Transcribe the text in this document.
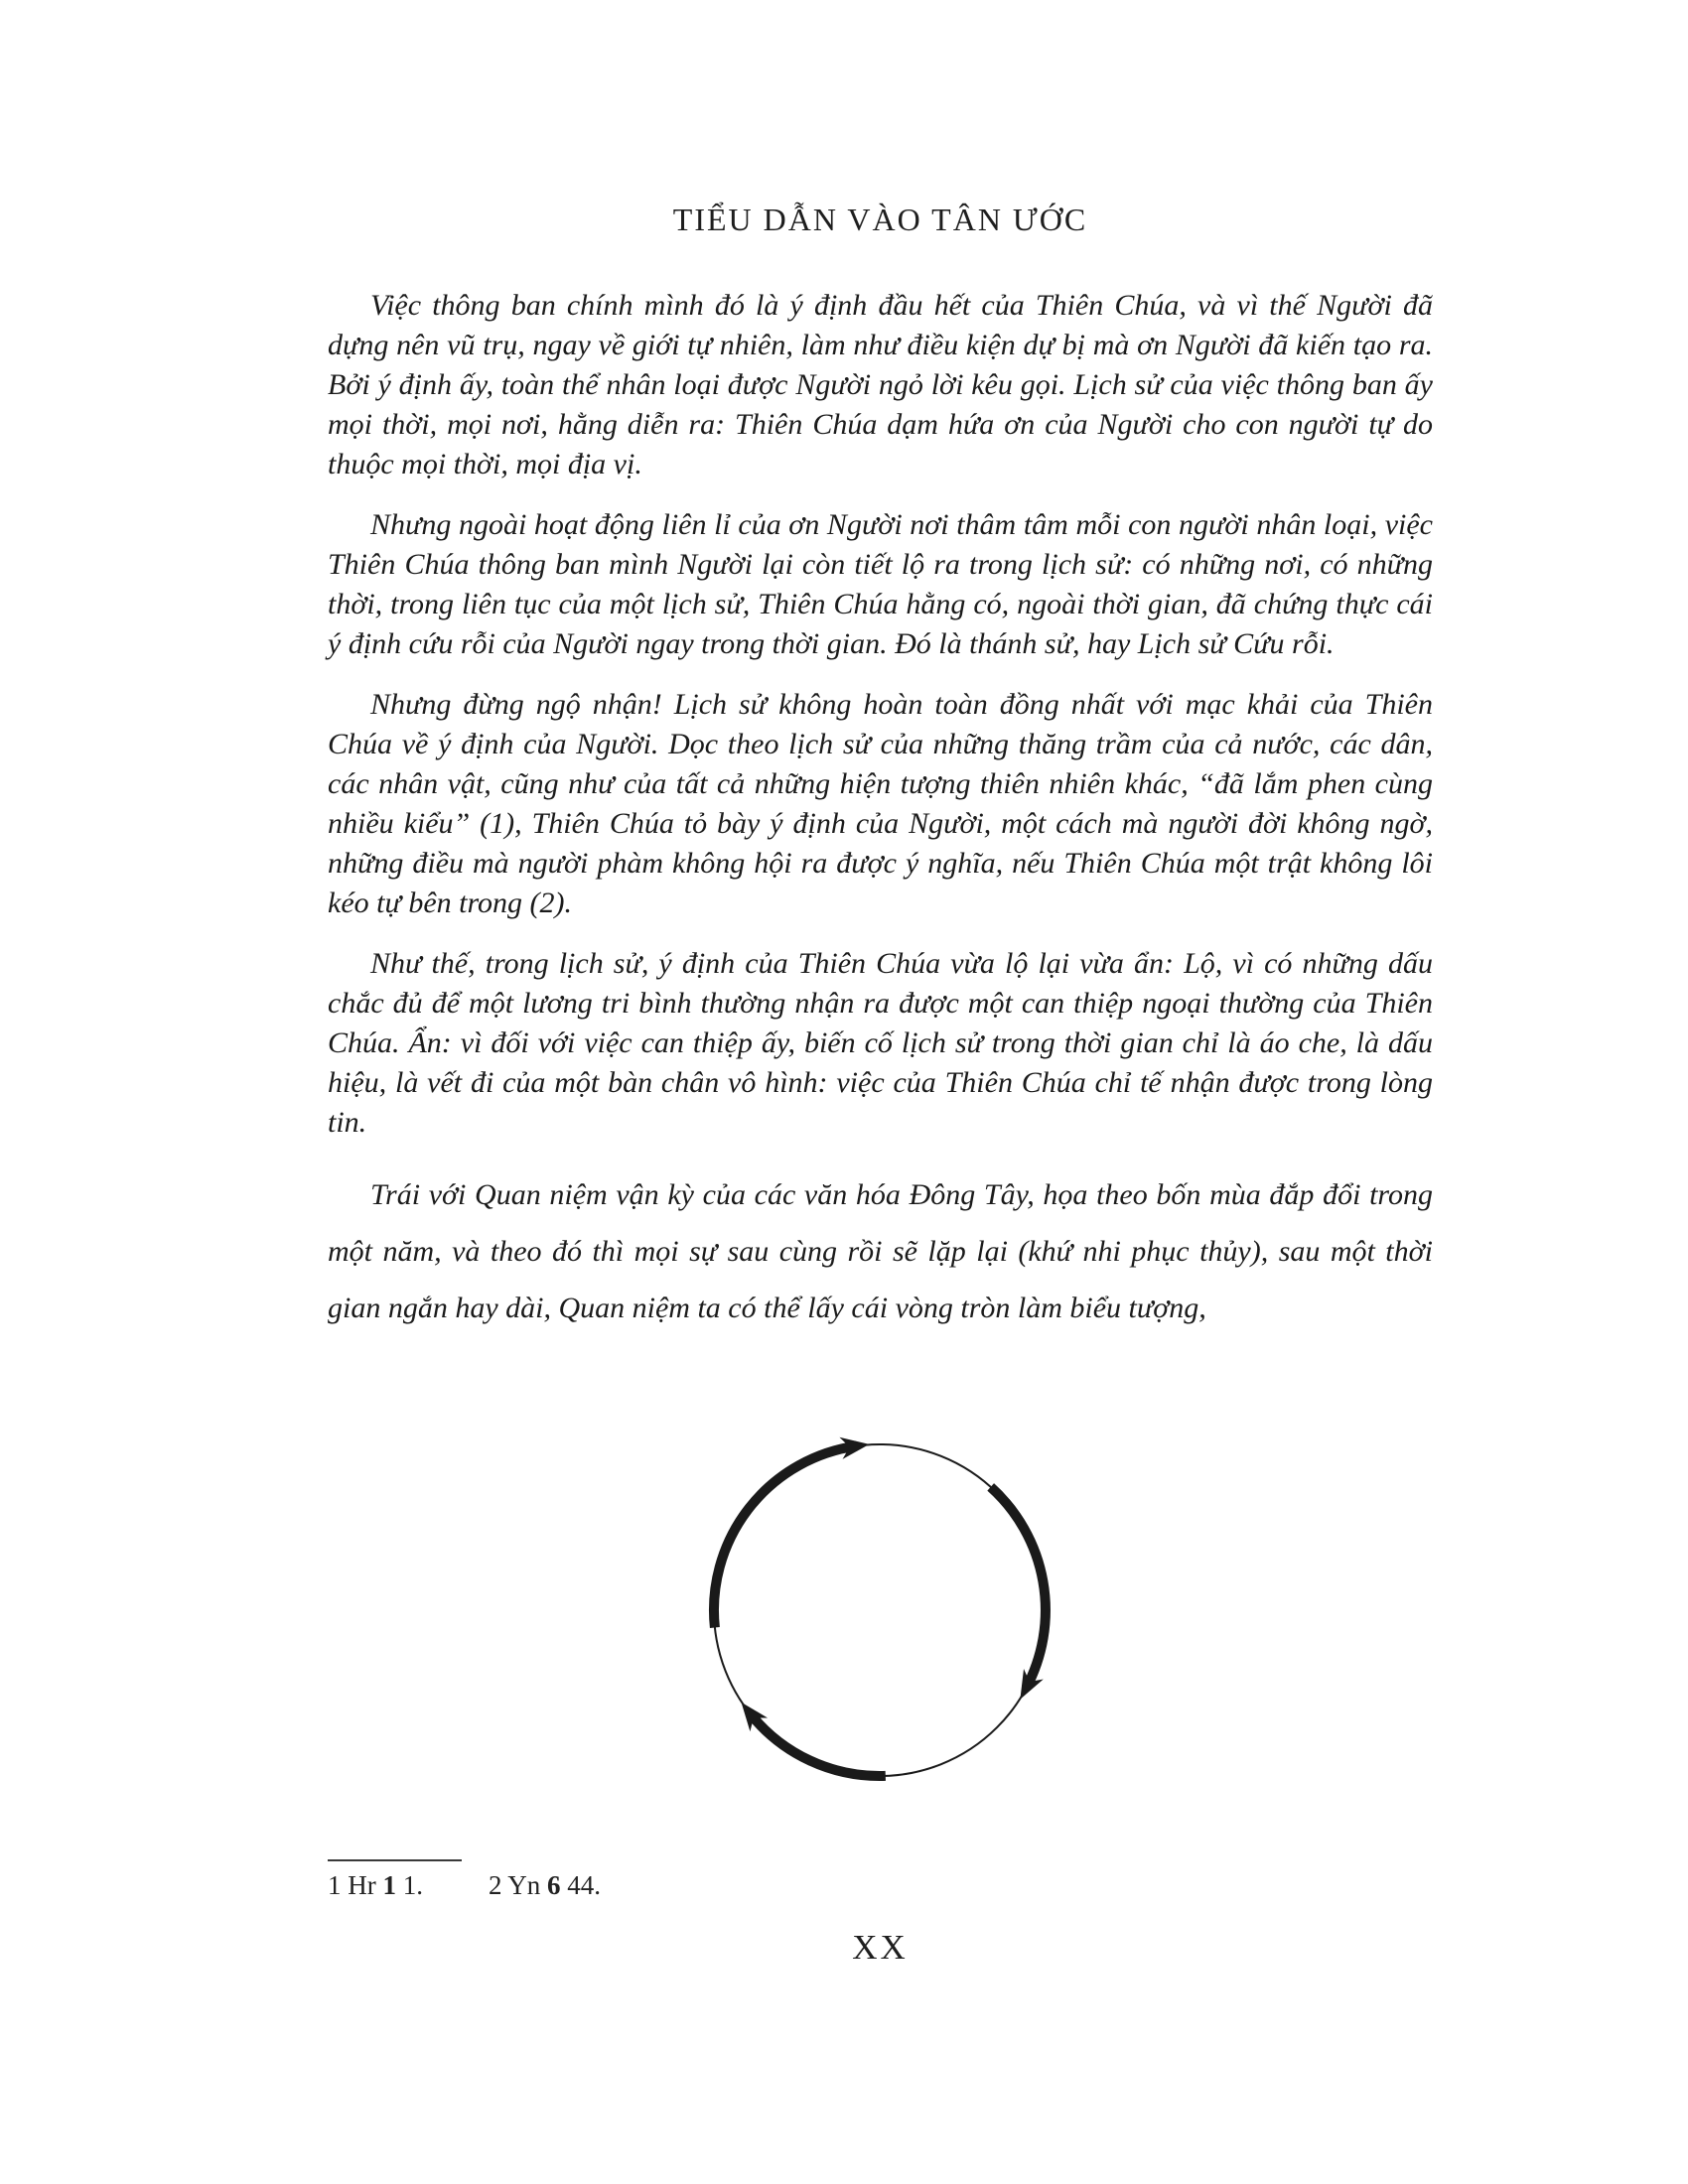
TIỂU DẪN VÀO TÂN ƯỚC

Việc thông ban chính mình đó là ý định đầu hết của Thiên Chúa, và vì thế Người đã dựng nên vũ trụ, ngay về giới tự nhiên, làm như điều kiện dự bị mà ơn Người đã kiến tạo ra. Bởi ý định ấy, toàn thể nhân loại được Người ngỏ lời kêu gọi. Lịch sử của việc thông ban ấy mọi thời, mọi nơi, hằng diễn ra: Thiên Chúa dạm hứa ơn của Người cho con người tự do thuộc mọi thời, mọi địa vị.

Nhưng ngoài hoạt động liên lỉ của ơn Người nơi thâm tâm mỗi con người nhân loại, việc Thiên Chúa thông ban mình Người lại còn tiết lộ ra trong lịch sử: có những nơi, có những thời, trong liên tục của một lịch sử, Thiên Chúa hằng có, ngoài thời gian, đã chứng thực cái ý định cứu rỗi của Người ngay trong thời gian. Đó là thánh sử, hay Lịch sử Cứu rỗi.

Nhưng đừng ngộ nhận! Lịch sử không hoàn toàn đồng nhất với mạc khải của Thiên Chúa về ý định của Người. Dọc theo lịch sử của những thăng trầm của cả nước, các dân, các nhân vật, cũng như của tất cả những hiện tượng thiên nhiên khác, “đã lắm phen cùng nhiều kiểu” (1), Thiên Chúa tỏ bày ý định của Người, một cách mà người đời không ngờ, những điều mà người phàm không hội ra được ý nghĩa, nếu Thiên Chúa một trật không lôi kéo tự bên trong (2).

Như thế, trong lịch sử, ý định của Thiên Chúa vừa lộ lại vừa ẩn: Lộ, vì có những dấu chắc đủ để một lương tri bình thường nhận ra được một can thiệp ngoại thường của Thiên Chúa. Ẩn: vì đối với việc can thiệp ấy, biến cố lịch sử trong thời gian chỉ là áo che, là dấu hiệu, là vết đi của một bàn chân vô hình: việc của Thiên Chúa chỉ tế nhận được trong lòng tin.

Trái với Quan niệm vận kỳ của các văn hóa Đông Tây, họa theo bốn mùa đắp đổi trong một năm, và theo đó thì mọi sự sau cùng rồi sẽ lặp lại (khứ nhi phục thủy), sau một thời gian ngắn hay dài, Quan niệm ta có thể lấy cái vòng tròn làm biểu tượng,

1 Hr 1 1. 2 Yn 6 44.
XX
